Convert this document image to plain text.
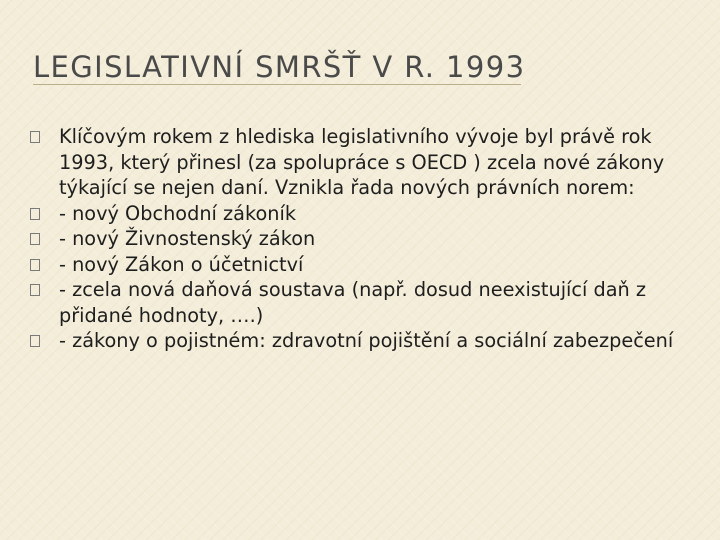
LEGISLATIVNÍ SMRŠŤ V R. 1993
Klíčovým rokem z hlediska legislativního vývoje byl právě rok 1993, který přinesl (za spolupráce s OECD ) zcela nové zákony týkající se nejen daní. Vznikla řada nových právních norem:
- nový Obchodní zákoník
- nový Živnostenský zákon
- nový Zákon o účetnictví
- zcela nová daňová soustava (např. dosud neexistující daň z přidané hodnoty, ….)
- zákony o pojistném: zdravotní pojištění a sociální zabezpečení
